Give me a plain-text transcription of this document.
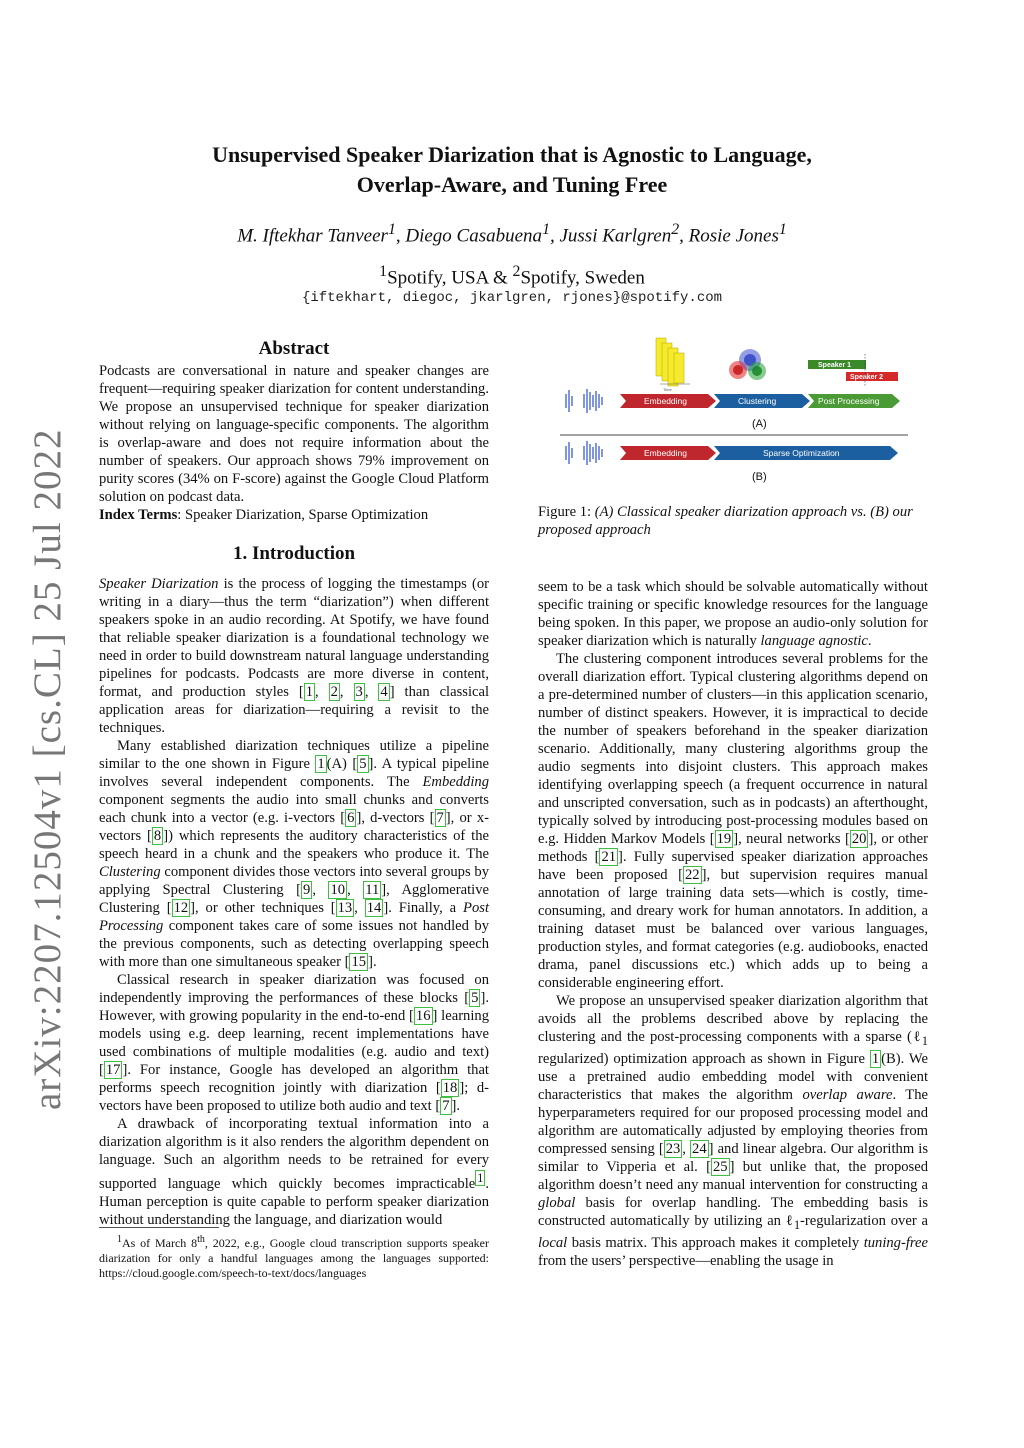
arXiv:2207.12504v1 [cs.CL] 25 Jul 2022
Unsupervised Speaker Diarization that is Agnostic to Language,
Overlap-Aware, and Tuning Free
M. Iftekhar Tanveer$^1$, Diego Casabuena$^1$, Jussi Karlgren$^2$, Rosie Jones$^1$
$^1$Spotify, USA & $^2$Spotify, Sweden
{iftekhart, diegoc, jkarlgren, rjones}@spotify.com
Abstract

Podcasts are conversational in nature and speaker changes are frequent—requiring speaker diarization for content understanding. We propose an unsupervised technique for speaker diarization without relying on language-specific components. The algorithm is overlap-aware and does not require information about the number of speakers. Our approach shows 79% improvement on purity scores (34% on F-score) against the Google Cloud Platform solution on podcast data.

Index Terms: Speaker Diarization, Sparse Optimization

1. Introduction

Speaker Diarization is the process of logging the timestamps (or writing in a diary—thus the term “diarization”) when different speakers spoke in an audio recording. At Spotify, we have found that reliable speaker diarization is a foundational technology we need in order to build downstream natural language understanding pipelines for podcasts. Podcasts are more diverse in content, format, and production styles [ 1 , 2 , 3 , 4 ] than classical application areas for diarization—requiring a revisit to the techniques.

Many established diarization techniques utilize a pipeline similar to the one shown in Figure 1 (A) [ 5 ]. A typical pipeline involves several independent components. The Embedding component segments the audio into small chunks and converts each chunk into a vector (e.g. i-vectors [ 6 ], d-vectors [ 7 ], or x-vectors [ 8 ]) which represents the auditory characteristics of the speech heard in a chunk and the speakers who produce it. The Clustering component divides those vectors into several groups by applying Spectral Clustering [ 9 , 10 , 11 ], Agglomerative Clustering [ 12 ], or other techniques [ 13 , 14 ]. Finally, a Post Processing component takes care of some issues not handled by the previous components, such as detecting overlapping speech with more than one simultaneous speaker [ 15 ].

Classical research in speaker diarization was focused on independently improving the performances of these blocks [ 5 ]. However, with growing popularity in the end-to-end [ 16 ] learning models using e.g. deep learning, recent implementations have used combinations of multiple modalities (e.g. audio and text) [ 17 ]. For instance, Google has developed an algorithm that performs speech recognition jointly with diarization [ 18 ]; d-vectors have been proposed to utilize both audio and text [ 7 ].

A drawback of incorporating textual information into a diarization algorithm is it also renders the algorithm dependent on language. Such an algorithm needs to be retrained for every supported language which quickly becomes impracticable $^1$ . Human perception is quite capable to perform speaker diarization without understanding the language, and diarization would

$^1$As of March 8th, 2022, e.g., Google cloud transcription supports speaker diarization for only a handful languages among the languages supported: https://cloud.google.com/speech-to-text/docs/languages
Time
Speaker 1
Speaker 2
Embedding	Clustering	Post Processing
(A)
Embedding	Sparse Optimization
(B)
Figure 1: (A) Classical speaker diarization approach vs. (B) our proposed approach

seem to be a task which should be solvable automatically without specific training or specific knowledge resources for the language being spoken. In this paper, we propose an audio-only solution for speaker diarization which is naturally language agnostic.

The clustering component introduces several problems for the overall diarization effort. Typical clustering algorithms depend on a pre-determined number of clusters—in this application scenario, number of distinct speakers. However, it is impractical to decide the number of speakers beforehand in the speaker diarization scenario. Additionally, many clustering algorithms group the audio segments into disjoint clusters. This approach makes identifying overlapping speech (a frequent occurrence in natural and unscripted conversation, such as in podcasts) an afterthought, typically solved by introducing post-processing modules based on e.g. Hidden Markov Models [ 19 ], neural networks [ 20 ], or other methods [ 21 ]. Fully supervised speaker diarization approaches have been proposed [ 22 ], but supervision requires manual annotation of large training data sets—which is costly, time-consuming, and dreary work for human annotators. In addition, a training dataset must be balanced over various languages, production styles, and format categories (e.g. audiobooks, enacted drama, panel discussions etc.) which adds up to being a considerable engineering effort.

We propose an unsupervised speaker diarization algorithm that avoids all the problems described above by replacing the clustering and the post-processing components with a sparse (ℓ$_1$ regularized) optimization approach as shown in Figure 1 (B). We use a pretrained audio embedding model with convenient characteristics that makes the algorithm overlap aware. The hyperparameters required for our proposed processing model and algorithm are automatically adjusted by employing theories from compressed sensing [ 23 , 24 ] and linear algebra. Our algorithm is similar to Vipperia et al. [ 25 ] but unlike that, the proposed algorithm doesn’t need any manual intervention for constructing a global basis for overlap handling. The embedding basis is constructed automatically by utilizing an ℓ$_1$-regularization over a local basis matrix. This approach makes it completely tuning-free from the users’ perspective—enabling the usage in
